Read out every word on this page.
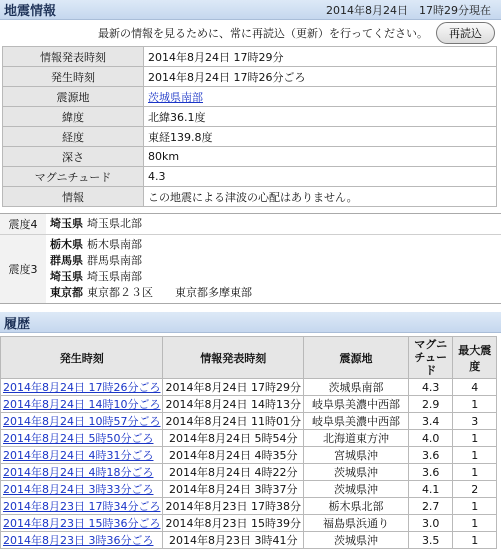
地震情報	2014年8月24日　17時29分現在
最新の情報を見るために、常に再読込（更新）を行ってください。	再読込
情報発表時刻	2014年8月24日 17時29分
発生時刻	2014年8月24日 17時26分ごろ
震源地	茨城県南部
緯度	北緯36.1度
経度	東経139.8度
深さ	80km
マグニチュード	4.3
情報	この地震による津波の心配はありません。
震度4	埼玉県 埼玉県北部
震度3
栃木県 栃木県南部
群馬県 群馬県南部
埼玉県 埼玉県南部
東京都 東京都２３区　　東京都多摩東部
履歴
発生時刻	情報発表時刻	震源地	マグニチュード	最大震度
2014年8月24日 17時26分ごろ	2014年8月24日 17時29分	茨城県南部	4.3	4
2014年8月24日 14時10分ごろ	2014年8月24日 14時13分	岐阜県美濃中西部	2.9	1
2014年8月24日 10時57分ごろ	2014年8月24日 11時01分	岐阜県美濃中西部	3.4	3
2014年8月24日 5時50分ごろ	2014年8月24日 5時54分	北海道東方沖	4.0	1
2014年8月24日 4時31分ごろ	2014年8月24日 4時35分	宮城県沖	3.6	1
2014年8月24日 4時18分ごろ	2014年8月24日 4時22分	茨城県沖	3.6	1
2014年8月24日 3時33分ごろ	2014年8月24日 3時37分	茨城県沖	4.1	2
2014年8月23日 17時34分ごろ	2014年8月23日 17時38分	栃木県北部	2.7	1
2014年8月23日 15時36分ごろ	2014年8月23日 15時39分	福島県浜通り	3.0	1
2014年8月23日 3時36分ごろ	2014年8月23日 3時41分	茨城県沖	3.5	1
